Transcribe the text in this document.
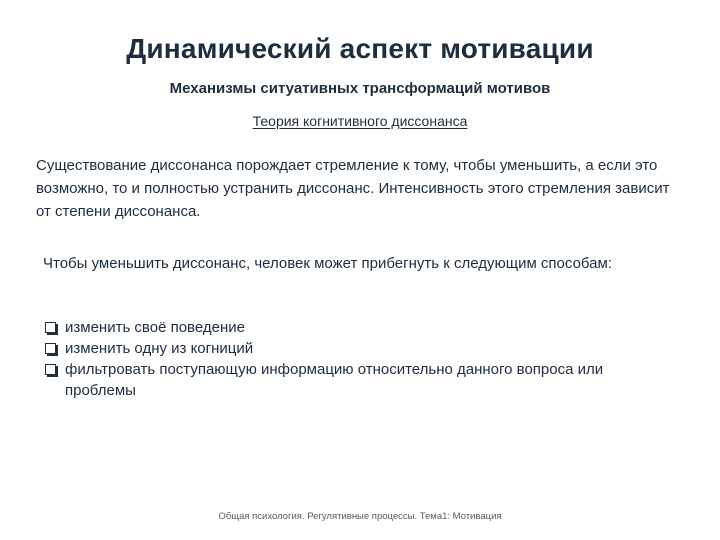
Динамический аспект мотивации
Механизмы ситуативных трансформаций мотивов
Теория когнитивного диссонанса
Существование диссонанса порождает стремление к тому, чтобы уменьшить, а если это возможно, то и полностью устранить диссонанс. Интенсивность этого стремления зависит от степени диссонанса.
Чтобы уменьшить диссонанс, человек может прибегнуть к следующим способам:
изменить своё поведение
изменить одну из когниций
фильтровать поступающую информацию относительно данного вопроса или проблемы
Общая психология. Регулятивные процессы. Тема1: Мотивация
